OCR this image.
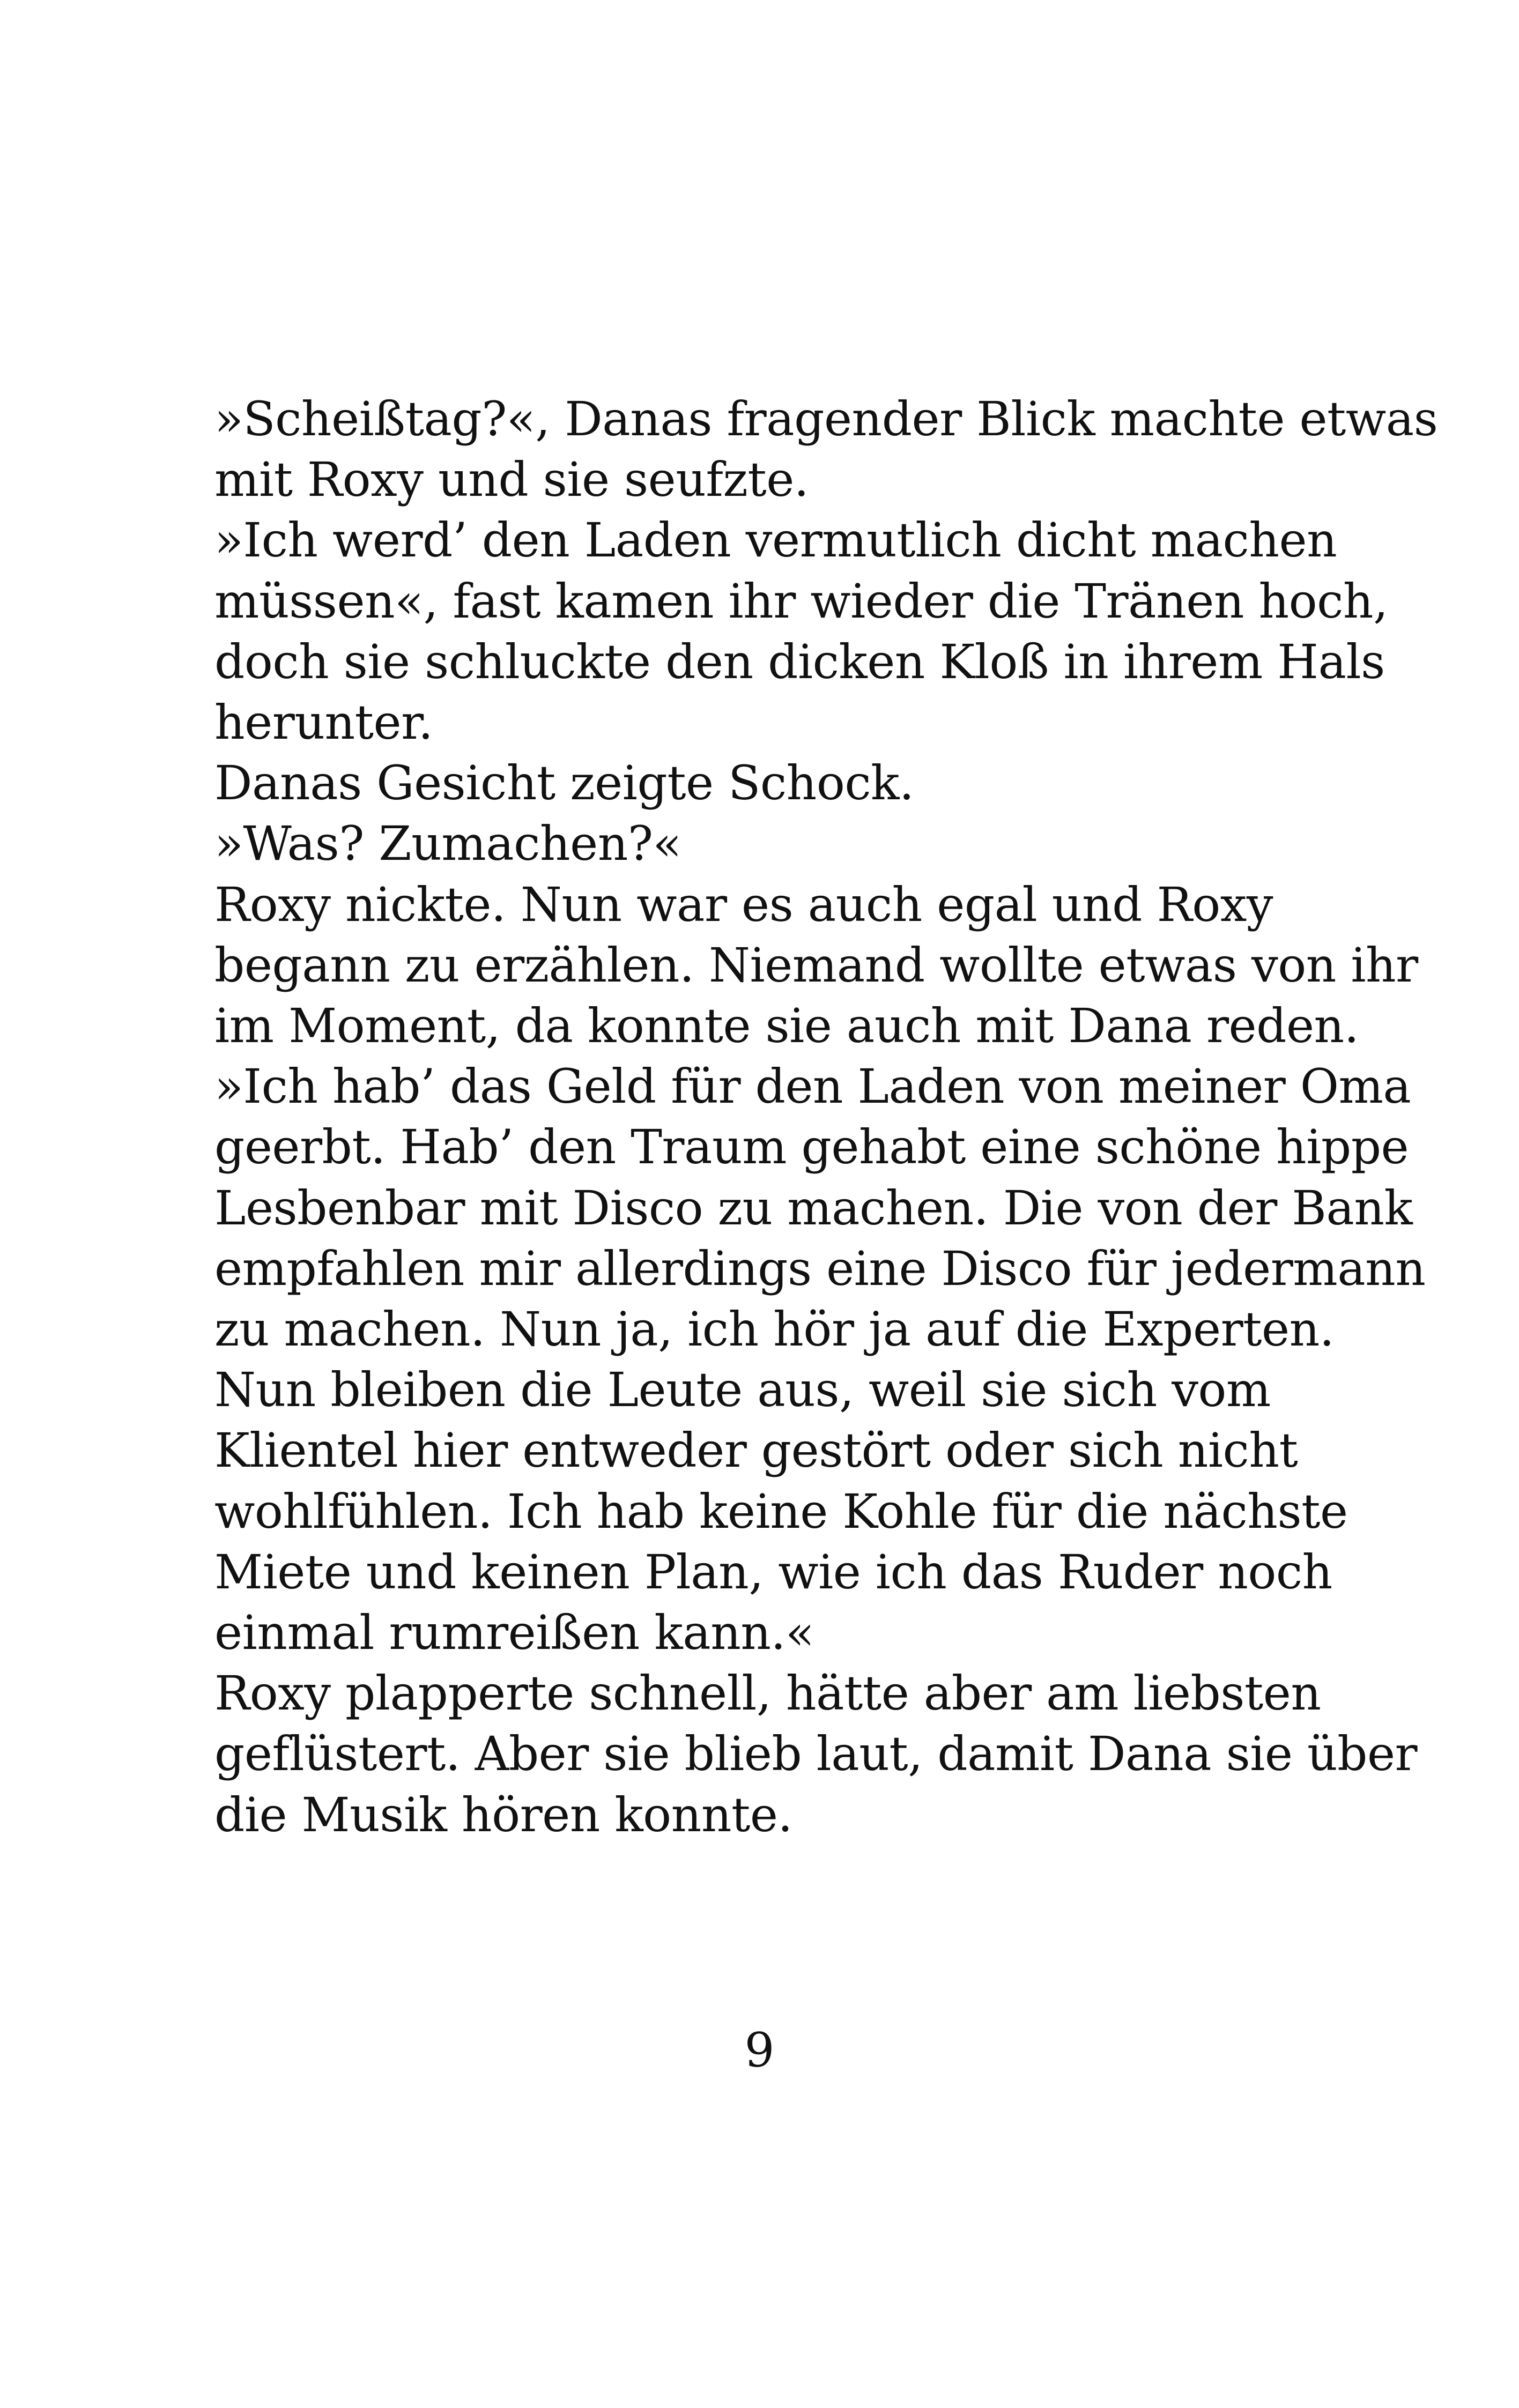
»Scheißtag?«, Danas fragender Blick machte etwas
mit Roxy und sie seufzte.
»Ich werd’ den Laden vermutlich dicht machen
müssen«, fast kamen ihr wieder die Tränen hoch,
doch sie schluckte den dicken Kloß in ihrem Hals
herunter.
Danas Gesicht zeigte Schock.
»Was? Zumachen?«
Roxy nickte. Nun war es auch egal und Roxy
begann zu erzählen. Niemand wollte etwas von ihr
im Moment, da konnte sie auch mit Dana reden.
»Ich hab’ das Geld für den Laden von meiner Oma
geerbt. Hab’ den Traum gehabt eine schöne hippe
Lesbenbar mit Disco zu machen. Die von der Bank
empfahlen mir allerdings eine Disco für jedermann
zu machen. Nun ja, ich hör ja auf die Experten.
Nun bleiben die Leute aus, weil sie sich vom
Klientel hier entweder gestört oder sich nicht
wohlfühlen. Ich hab keine Kohle für die nächste
Miete und keinen Plan, wie ich das Ruder noch
einmal rumreißen kann.«
Roxy plapperte schnell, hätte aber am liebsten
geflüstert. Aber sie blieb laut, damit Dana sie über
die Musik hören konnte.
9
